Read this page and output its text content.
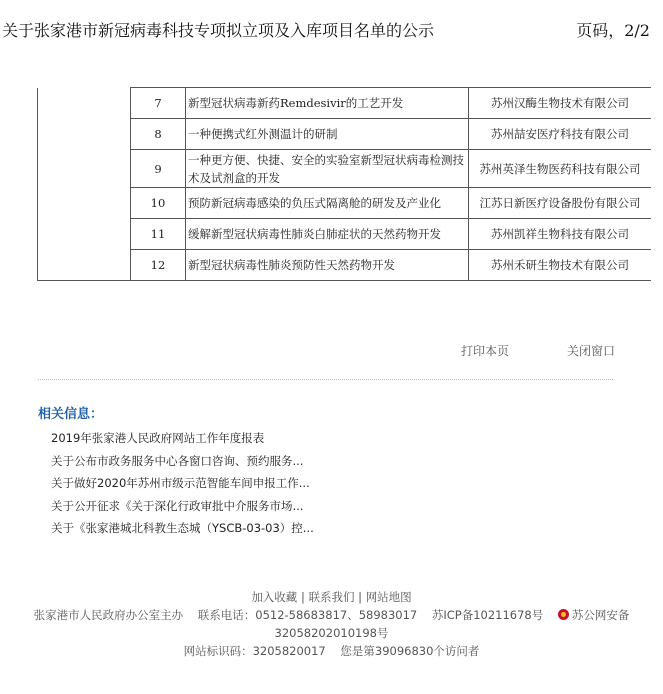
关于张家港市新冠病毒科技专项拟立项及入库项目名单的公示	页码，2/2
	7	新型冠状病毒新药Remdesivir的工艺开发	苏州汉酶生物技术有限公司
	8	一种便携式红外测温计的研制	苏州喆安医疗科技有限公司
	9	一种更方便、快捷、安全的实验室新型冠状病毒检测技术及试剂盒的开发	苏州英泽生物医药科技有限公司
	10	预防新冠病毒感染的负压式隔离舱的研发及产业化	江苏日新医疗设备股份有限公司
	11	缓解新型冠状病毒性肺炎白肺症状的天然药物开发	苏州凯祥生物科技有限公司
	12	新型冠状病毒性肺炎预防性天然药物开发	苏州禾研生物技术有限公司
打印本页	关闭窗口
相关信息：
2019年张家港人民政府网站工作年度报表
关于公布市政务服务中心各窗口咨询、预约服务...
关于做好2020年苏州市级示范智能车间申报工作...
关于公开征求《关于深化行政审批中介服务市场...
关于《张家港城北科教生态城（YSCB-03-03）控...
加入收藏 | 联系我们 | 网站地图
张家港市人民政府办公室主办 联系电话：0512-58683817、58983017 苏ICP备10211678号 苏公网安备
32058202010198号
网站标识码：3205820017 您是第39096830个访问者
